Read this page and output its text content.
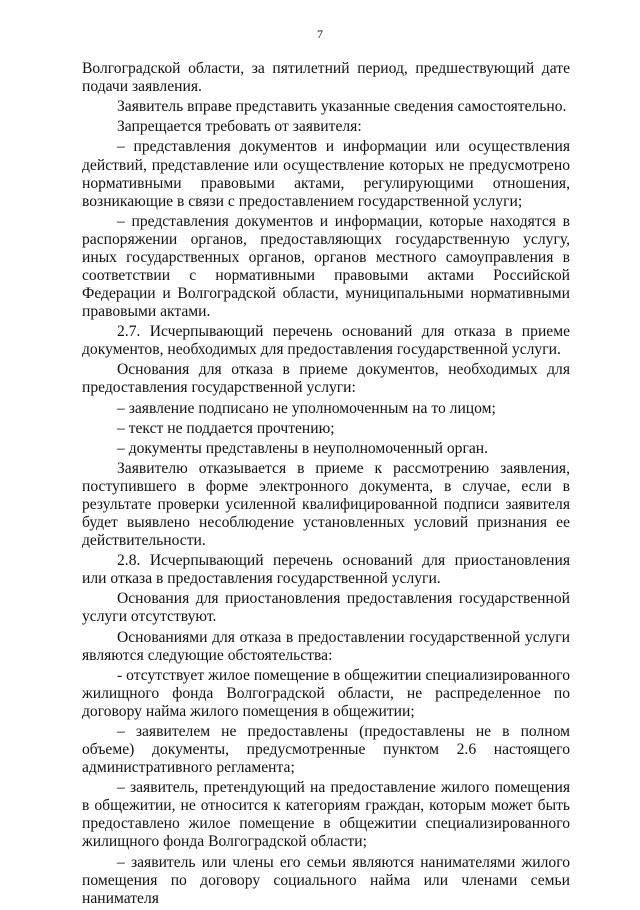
7

Волгоградской области, за пятилетний период, предшествующий дате подачи заявления.

Заявитель вправе представить указанные сведения самостоятельно.

Запрещается требовать от заявителя:

– представления документов и информации или осуществления действий, представление или осуществление которых не предусмотрено нормативными правовыми актами, регулирующими отношения, возникающие в связи с предоставлением государственной услуги;

– представления документов и информации, которые находятся в распоряжении органов, предоставляющих государственную услугу, иных государственных органов, органов местного самоуправления в соответствии с нормативными правовыми актами Российской Федерации и Волгоградской области, муниципальными нормативными правовыми актами.

2.7. Исчерпывающий перечень оснований для отказа в приеме документов, необходимых для предоставления государственной услуги.

Основания для отказа в приеме документов, необходимых для предоставления государственной услуги:

– заявление подписано не уполномоченным на то лицом;

– текст не поддается прочтению;

– документы представлены в неуполномоченный орган.

Заявителю отказывается в приеме к рассмотрению заявления, поступившего в форме электронного документа, в случае, если в результате проверки усиленной квалифицированной подписи заявителя будет выявлено несоблюдение установленных условий признания ее действительности.

2.8. Исчерпывающий перечень оснований для приостановления или отказа в предоставления государственной услуги.

Основания для приостановления предоставления государственной услуги отсутствуют.

Основаниями для отказа в предоставлении государственной услуги являются следующие обстоятельства:

- отсутствует жилое помещение в общежитии специализированного жилищного фонда Волгоградской области, не распределенное по договору найма жилого помещения в общежитии;

– заявителем не предоставлены (предоставлены не в полном объеме) документы, предусмотренные пунктом 2.6 настоящего административного регламента;

– заявитель, претендующий на предоставление жилого помещения в общежитии, не относится к категориям граждан, которым может быть предоставлено жилое помещение в общежитии специализированного жилищного фонда Волгоградской области;

– заявитель или члены его семьи являются нанимателями жилого помещения по договору социального найма или членами семьи нанимателя
